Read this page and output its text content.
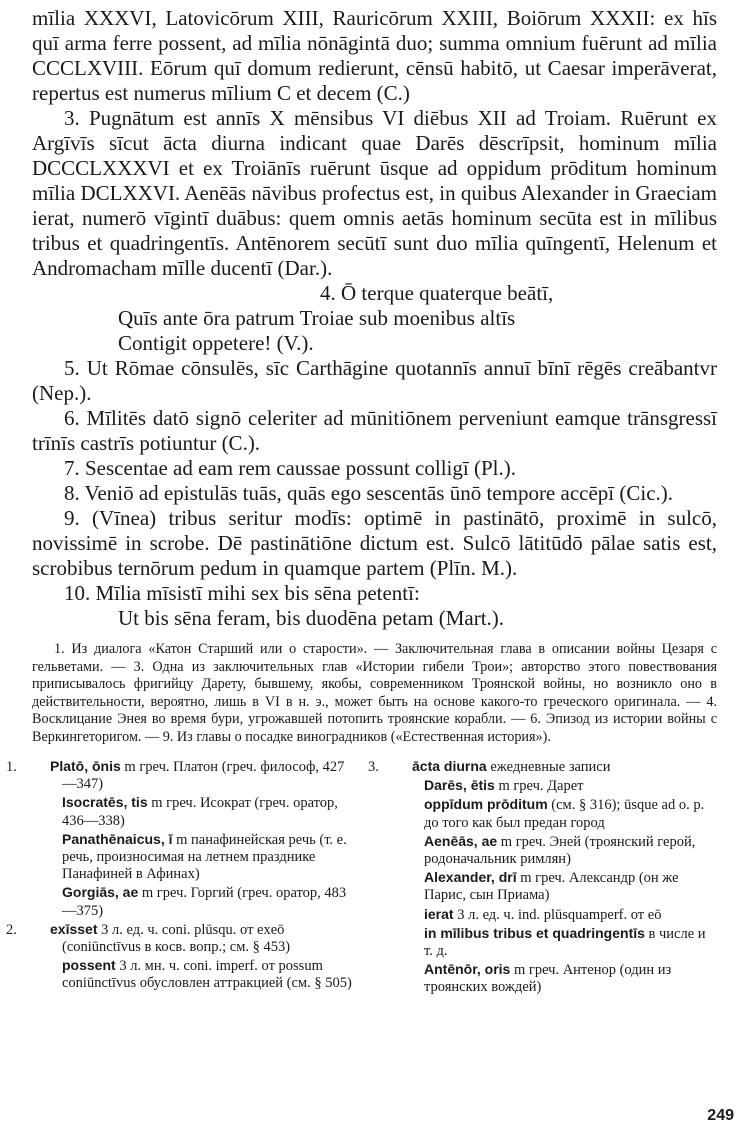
mīlia XXXVI, Latovicōrum XIII, Rauricōrum XXIII, Boiōrum XXXII: ex hīs quī arma ferre possent, ad mīlia nōnāgintā duo; summa omnium fuērunt ad mīlia CCCLXVIII. Eōrum quī domum redierunt, cēnsū habitō, ut Caesar imperāverat, repertus est numerus mīlium C et decem (C.)

3. Pugnātum est annīs X mēnsibus VI diēbus XII ad Troiam. Ruērunt ex Argīvīs sīcut ācta diurna indicant quae Darēs dēscrīpsit, hominum mīlia DCCCLXXXVI et ex Troiānīs ruērunt ūsque ad oppidum prōditum hominum mīlia DCLXXVI. Aenēās nāvibus profectus est, in quibus Alexander in Graeciam ierat, numerō vīgintī duābus: quem omnis aetās hominum secūta est in mīlibus tribus et quadringentīs. Antēnorem secūtī sunt duo mīlia quīngentī, Helenum et Andromacham mīlle ducentī (Dar.).

4. Ō terque quaterque beātī,

Quīs ante ōra patrum Troiae sub moenibus altīs

Contigit oppetere! (V.).

5. Ut Rōmae cōnsulēs, sīc Carthāgine quotannīs annuī bīnī rēgēs creābantvr (Nep.).

6. Mīlitēs datō signō celeriter ad mūnitiōnem perveniunt eamque trānsgressī trīnīs castrīs potiuntur (C.).

7. Sescentae ad eam rem caussae possunt colligī (Pl.).

8. Veniō ad epistulās tuās, quās ego sescentās ūnō tempore accēpī (Cic.).

9. (Vīnea) tribus seritur modīs: optimē in pastinātō, proximē in sulcō, novissimē in scrobe. Dē pastinātiōne dictum est. Sulcō lātitūdō pālae satis est, scrobibus ternōrum pedum in quamque partem (Plīn. M.).

10. Mīlia mīsistī mihi sex bis sēna petentī:

Ut bis sēna feram, bis duodēna petam (Mart.).

1. Из диалога «Катон Старший или о старости». — Заключительная глава в описании войны Цезаря с гельветами. — 3. Одна из заключительных глав «Истории гибели Трои»; авторство этого повествования приписывалось фригийцу Дарету, бывшему, якобы, современником Троянской войны, но возникло оно в действительности, вероятно, лишь в VI в н. э., может быть на основе какого-то греческого оригинала. — 4. Восклицание Энея во время бури, угрожавшей потопить троянские корабли. — 6. Эпизод из истории войны с Веркингеторигом. — 9. Из главы о посадке виноградников («Естественная история»).

1. Platō, ōnis m греч. Платон (греч. философ, 427—347)
Isocratēs, tis m греч. Исократ (греч. оратор, 436—338)
Panathēnaicus, ī m панафинейская речь (т. е. речь, произносимая на летнем празднике Панафиней в Афинах)
Gorgiās, ae m греч. Горгий (греч. оратор, 483—375)
2. exīsset 3 л. ед. ч. coni. plūsqu. от exeō (coniūnctīvus в косв. вопр.; см. § 453)
possent 3 л. мн. ч. coni. imperf. от possum coniūnctīvus обусловлен аттракцией (см. § 505)
3. ācta diurna ежедневные записи
Darēs, ētis m греч. Дарет
oppīdum prōditum (см. § 316); ūsque ad o. p. до того как был предан город
Aenēās, ae m греч. Эней (троянский герой, родоначальник римлян)
Alexander, drī m греч. Александр (он же Парис, сын Приама)
ierat 3 л. ед. ч. ind. plūsquamperf. от eō
in mīlibus tribus et quadringentīs в числе и т. д.
Antēnōr, oris m греч. Антенор (один из троянских вождей)
249
